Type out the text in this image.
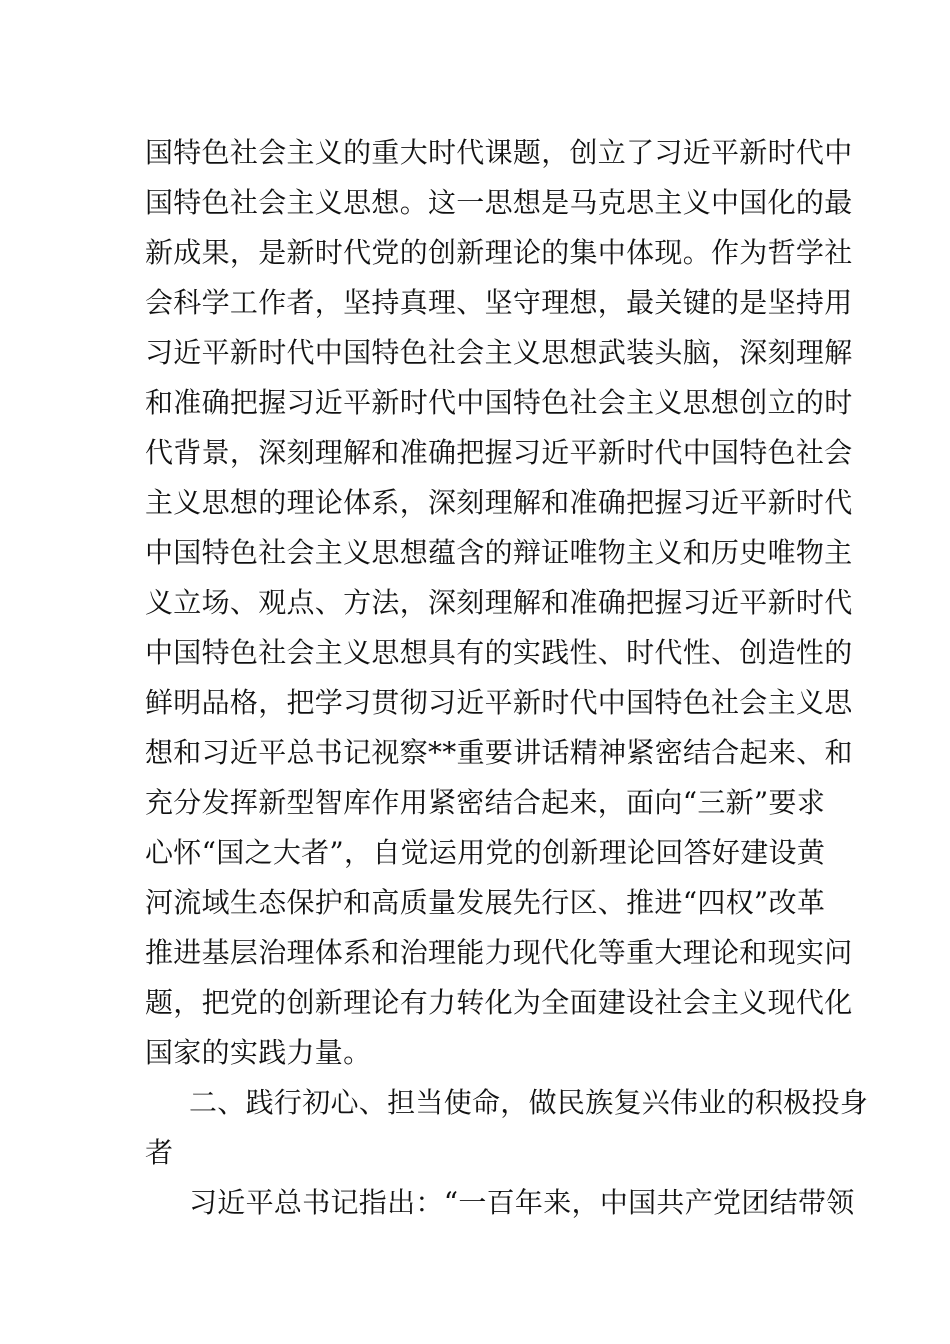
国特色社会主义的重大时代课题，创立了习近平新时代中
国特色社会主义思想。这一思想是马克思主义中国化的最
新成果，是新时代党的创新理论的集中体现。作为哲学社
会科学工作者，坚持真理、坚守理想，最关键的是坚持用
习近平新时代中国特色社会主义思想武装头脑，深刻理解
和准确把握习近平新时代中国特色社会主义思想创立的时
代背景，深刻理解和准确把握习近平新时代中国特色社会
主义思想的理论体系，深刻理解和准确把握习近平新时代
中国特色社会主义思想蕴含的辩证唯物主义和历史唯物主
义立场、观点、方法，深刻理解和准确把握习近平新时代
中国特色社会主义思想具有的实践性、时代性、创造性的
鲜明品格，把学习贯彻习近平新时代中国特色社会主义思
想和习近平总书记视察**重要讲话精神紧密结合起来、和
充分发挥新型智库作用紧密结合起来，面向“三新”要求
心怀“国之大者”，自觉运用党的创新理论回答好建设黄
河流域生态保护和高质量发展先行区、推进“四权”改革
推进基层治理体系和治理能力现代化等重大理论和现实问
题，把党的创新理论有力转化为全面建设社会主义现代化
国家的实践力量。
二、践行初心、担当使命，做民族复兴伟业的积极投身
者
习近平总书记指出：“一百年来，中国共产党团结带领
